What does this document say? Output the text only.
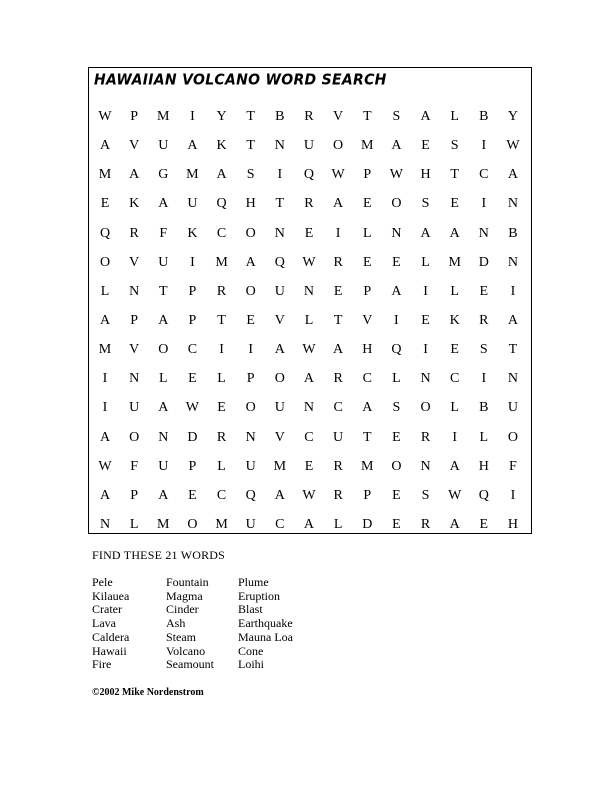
HAWAIIAN VOLCANO WORD SEARCH
W	P	M	I	Y	T	B	R	V	T	S	A	L	B	Y
A	V	U	A	K	T	N	U	O	M	A	E	S	I	W
M	A	G	M	A	S	I	Q	W	P	W	H	T	C	A
E	K	A	U	Q	H	T	R	A	E	O	S	E	I	N
Q	R	F	K	C	O	N	E	I	L	N	A	A	N	B
O	V	U	I	M	A	Q	W	R	E	E	L	M	D	N
L	N	T	P	R	O	U	N	E	P	A	I	L	E	I
A	P	A	P	T	E	V	L	T	V	I	E	K	R	A
M	V	O	C	I	I	A	W	A	H	Q	I	E	S	T
I	N	L	E	L	P	O	A	R	C	L	N	C	I	N
I	U	A	W	E	O	U	N	C	A	S	O	L	B	U
A	O	N	D	R	N	V	C	U	T	E	R	I	L	O
W	F	U	P	L	U	M	E	R	M	O	N	A	H	F
A	P	A	E	C	Q	A	W	R	P	E	S	W	Q	I
N	L	M	O	M	U	C	A	L	D	E	R	A	E	H
FIND THESE 21 WORDS
Pele
Kilauea
Crater
Lava
Caldera
Hawaii
Fire
Fountain
Magma
Cinder
Ash
Steam
Volcano
Seamount
Plume
Eruption
Blast
Earthquake
Mauna Loa
Cone
Loihi
©2002 Mike Nordenstrom
